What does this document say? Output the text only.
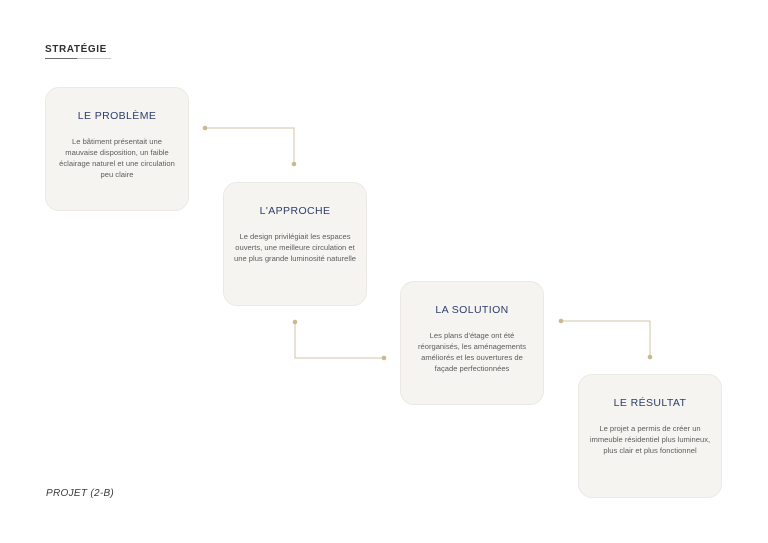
STRATÉGIE
LE PROBLÈME

Le bâtiment présentait une mauvaise disposition, un faible éclairage naturel et une circulation peu claire

L'APPROCHE

Le design privilégiait les espaces ouverts, une meilleure circulation et une plus grande luminosité naturelle

LA SOLUTION

Les plans d'étage ont été réorganisés, les aménagements améliorés et les ouvertures de façade perfectionnées

LE RÉSULTAT

Le projet a permis de créer un immeuble résidentiel plus lumineux, plus clair et plus fonctionnel

PROJET (2-B)
